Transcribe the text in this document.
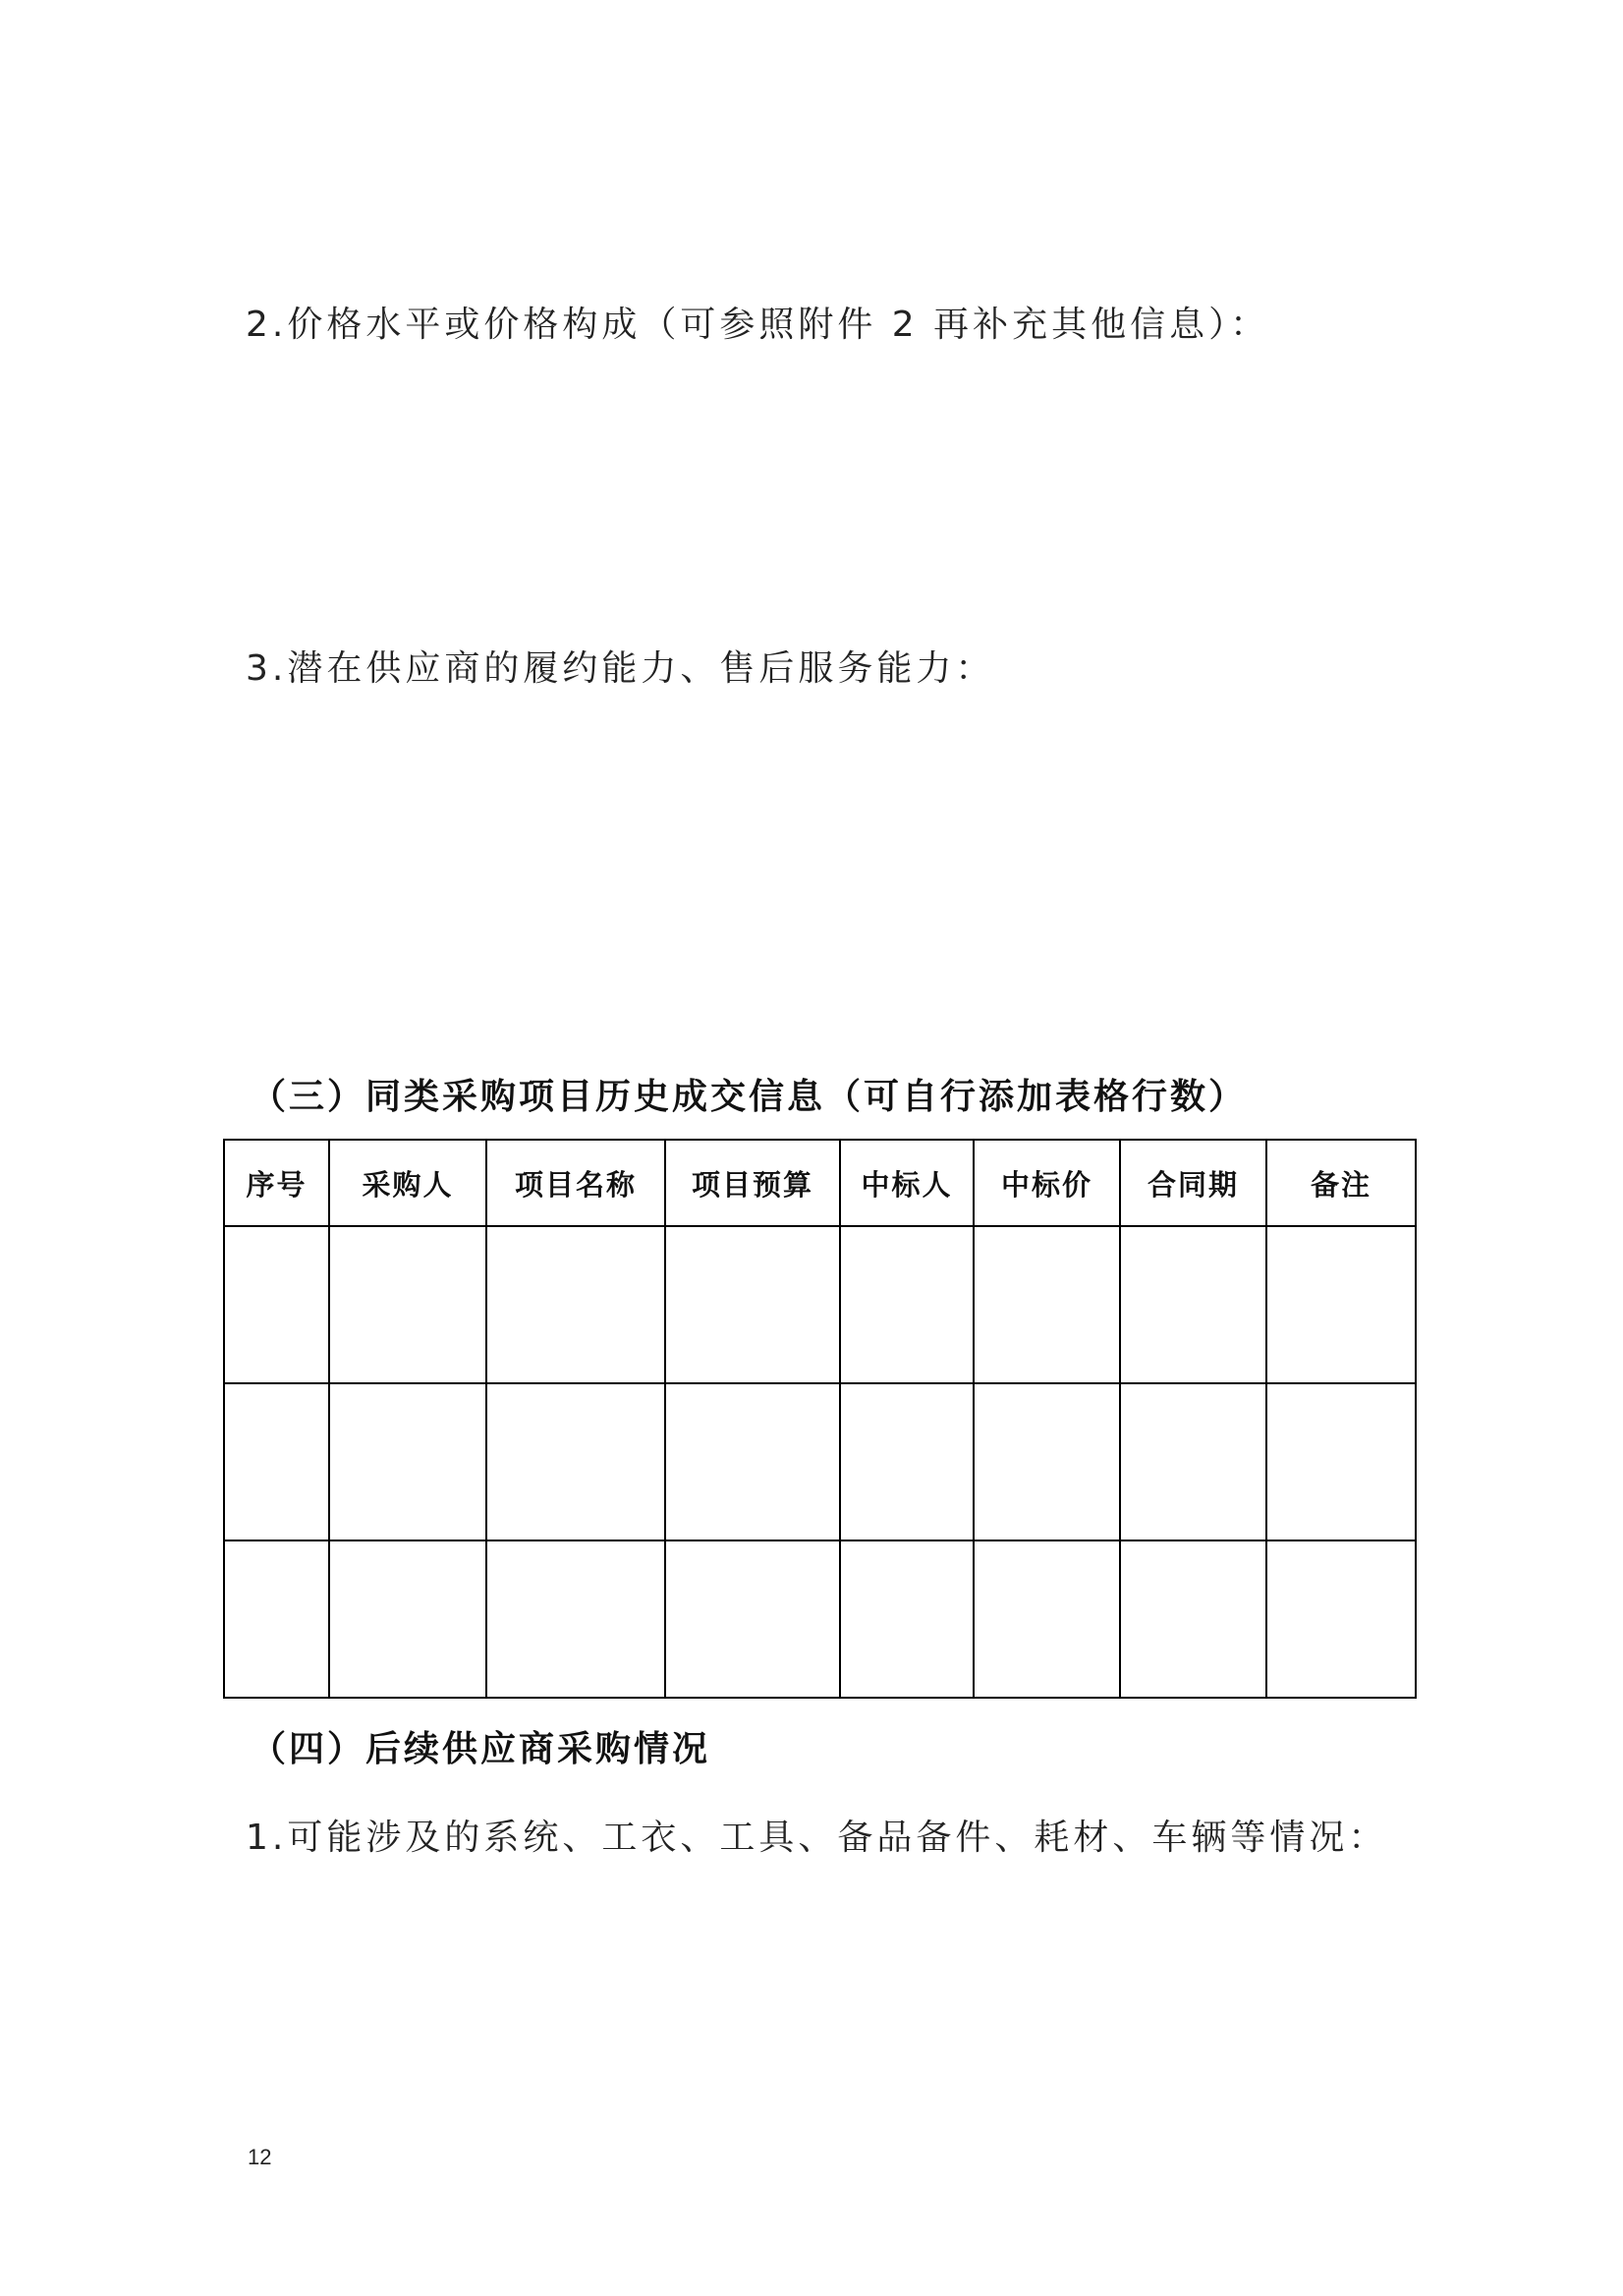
2.价格水平或价格构成（可参照附件 2 再补充其他信息）：
3.潜在供应商的履约能力、售后服务能力：
（三）同类采购项目历史成交信息（可自行添加表格行数）
序号	采购人	项目名称	项目预算	中标人	中标价	合同期	备注

（四）后续供应商采购情况
1.可能涉及的系统、工衣、工具、备品备件、耗材、车辆等情况：
12
